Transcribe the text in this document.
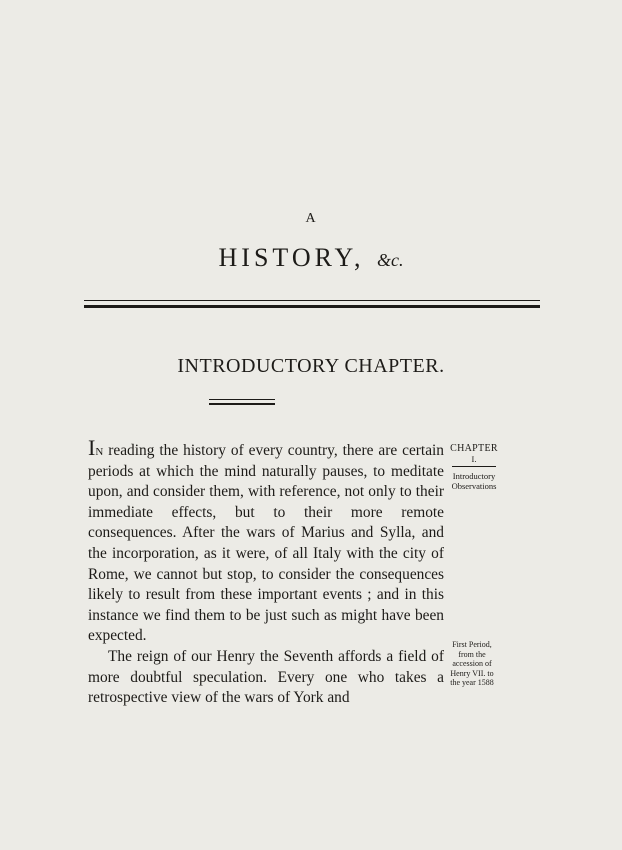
A
HISTORY, &c.
INTRODUCTORY CHAPTER.

In reading the history of every country, there are certain periods at which the mind naturally pauses, to meditate upon, and consider them, with reference, not only to their immediate effects, but to their more remote consequences. After the wars of Marius and Sylla, and the incorporation, as it were, of all Italy with the city of Rome, we cannot but stop, to consider the consequences likely to result from these important events ; and in this instance we find them to be just such as might have been expected.

The reign of our Henry the Seventh affords a field of more doubtful speculation. Every one who takes a retrospective view of the wars of York and

CHAPTER
I.
Introductory Observations
First Period, from the accession of Henry VII. to the year 1588
